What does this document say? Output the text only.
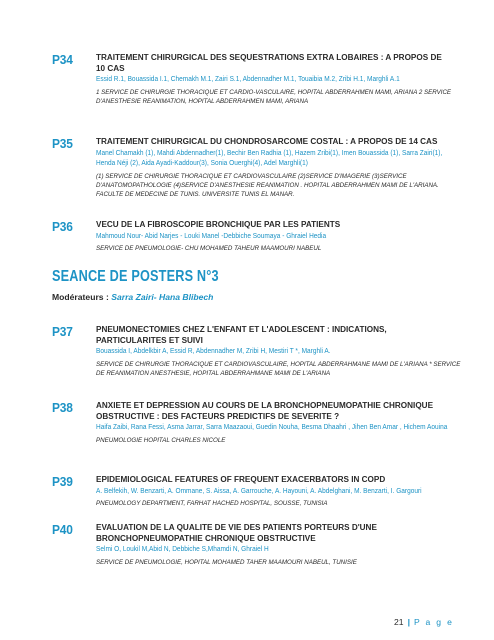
P34	TRAITEMENT CHIRURGICAL DES SEQUESTRATIONS EXTRA LOBAIRES : A PROPOS DE 10 CAS
Essid R.1, Bouassida I.1, Chemakh M.1, Zairi S.1, Abdennadher M.1, Touaibia M.2, Zribi H.1, Marghli A.1
1 SERVICE DE CHIRURGIE THORACIQUE ET CARDIO-VASCULAIRE, HOPITAL ABDERRAHMEN MAMI, ARIANA 2 SERVICE D'ANESTHESIE REANIMATION, HOPITAL ABDERRAHMEN MAMI, ARIANA
P35	TRAITEMENT CHIRURGICAL DU CHONDROSARCOME COSTAL : A PROPOS DE 14 CAS
Manel Chamakh (1), Mahdi Abdennadher(1), Bechir Ben Radhia (1), Hazem Zribi(1), Imen Bouassida (1), Sarra Zairi(1), Henda Néji (2), Aida Ayadi-Kaddour(3), Sonia Ouerghi(4), Adel Marghli(1)
(1) SERVICE DE CHIRURGIE THORACIQUE ET CARDIOVASCULAIRE (2)SERVICE D'IMAGERIE (3)SERVICE D'ANATOMOPATHOLOGIE (4)SERVICE D'ANESTHESIE REANIMATION . HOPITAL ABDERRAHMEN MAMI DE L'ARIANA. FACULTE DE MEDECINE DE TUNIS. UNIVERSITE TUNIS EL MANAR.
P36	VECU DE LA FIBROSCOPIE BRONCHIQUE PAR LES PATIENTS
Mahmoud Nour- Abid Narjes - Louki Manel -Debbiche Soumaya - Ghraiel Hedia
SERVICE DE PNEUMOLOGIE- CHU MOHAMED TAHEUR MAAMOURI NABEUL
SEANCE DE POSTERS N°3
Modérateurs : Sarra Zairi- Hana Blibech
P37	PNEUMONECTOMIES CHEZ L'ENFANT ET L'ADOLESCENT : INDICATIONS, PARTICULARITES ET SUIVI
Bouassida I, Abdelkbir A, Essid R, Abdennadher M, Zribi H, Mestiri T *, Marghli A.
SERVICE DE CHIRURGIE THORACIQUE ET CARDIOVASCULAIRE, HOPITAL ABDERRAHMANE MAMI DE L'ARIANA * SERVICE DE REANIMATION ANESTHESIE, HOPITAL ABDERRAHMANE MAMI DE L'ARIANA
P38	ANXIETE ET DEPRESSION AU COURS DE LA BRONCHOPNEUMOPATHIE CHRONIQUE OBSTRUCTIVE : DES FACTEURS PREDICTIFS DE SEVERITE ?
Haifa Zaibi, Rana Fessi, Asma Jarrar, Sarra Maazaoui, Guedin Nouha, Besma Dhaahri , Jihen Ben Amar , Hichem Aouina
PNEUMOLOGIE HOPITAL CHARLES NICOLE
P39	EPIDEMIOLOGICAL FEATURES OF FREQUENT EXACERBATORS IN COPD
A. Belfekih, W. Benzarti, A. Ommane, S. Aissa, A. Garrouche, A. Hayouni, A. Abdelghani, M. Benzarti, I. Gargouri
PNEUMOLOGY DEPARTMENT, FARHAT HACHED HOSPITAL, SOUSSE, TUNISIA
P40	EVALUATION DE LA QUALITE DE VIE DES PATIENTS PORTEURS D'UNE BRONCHOPNEUMOPATHIE CHRONIQUE OBSTRUCTIVE
Selmi O, Loukil M,Abid N, Debbiche S,Mhamdi N, Ghraiel H
SERVICE DE PNEUMOLOGIE, HOPITAL MOHAMED TAHER MAAMOURI NABEUL, TUNISIE
21 | P a g e
